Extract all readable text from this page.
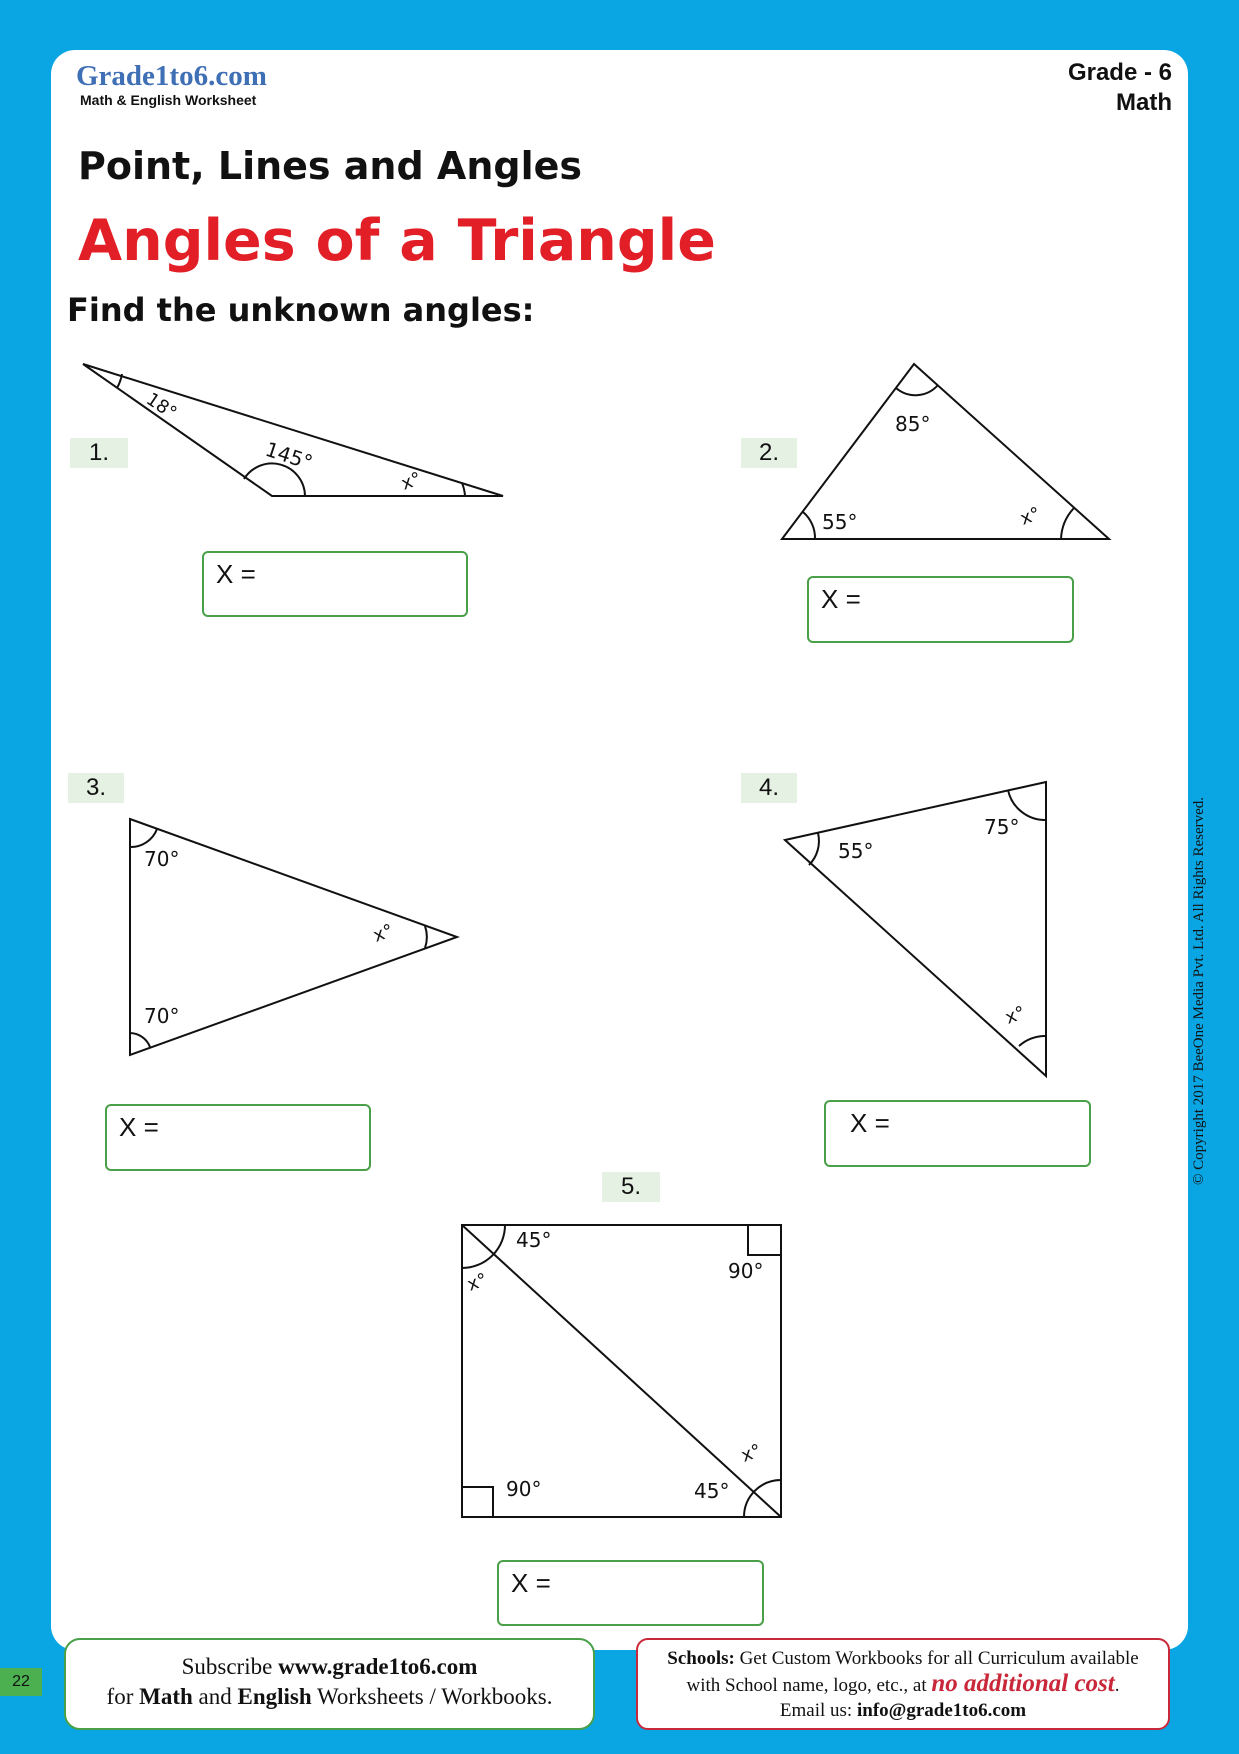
Grade1to6.com
Math & English Worksheet
Grade - 6
Math
Point, Lines and Angles
Angles of a Triangle
Find the unknown angles:
1.	2.
3.	4.
5.
18°
145°
x°
85°
55°	x°
70°
70°
x°
55°
75°
x°
45°
90°
x°
90°	45°
x°
X =
X =
X =	X =
X =
© Copyright 2017 BeeOne Media Pvt. Ltd. All Rights Reserved.
22
Subscribe www.grade1to6.com
for Math and English Worksheets / Workbooks.
Schools: Get Custom Workbooks for all Curriculum available
with School name, logo, etc., at no additional cost.
Email us: info@grade1to6.com
